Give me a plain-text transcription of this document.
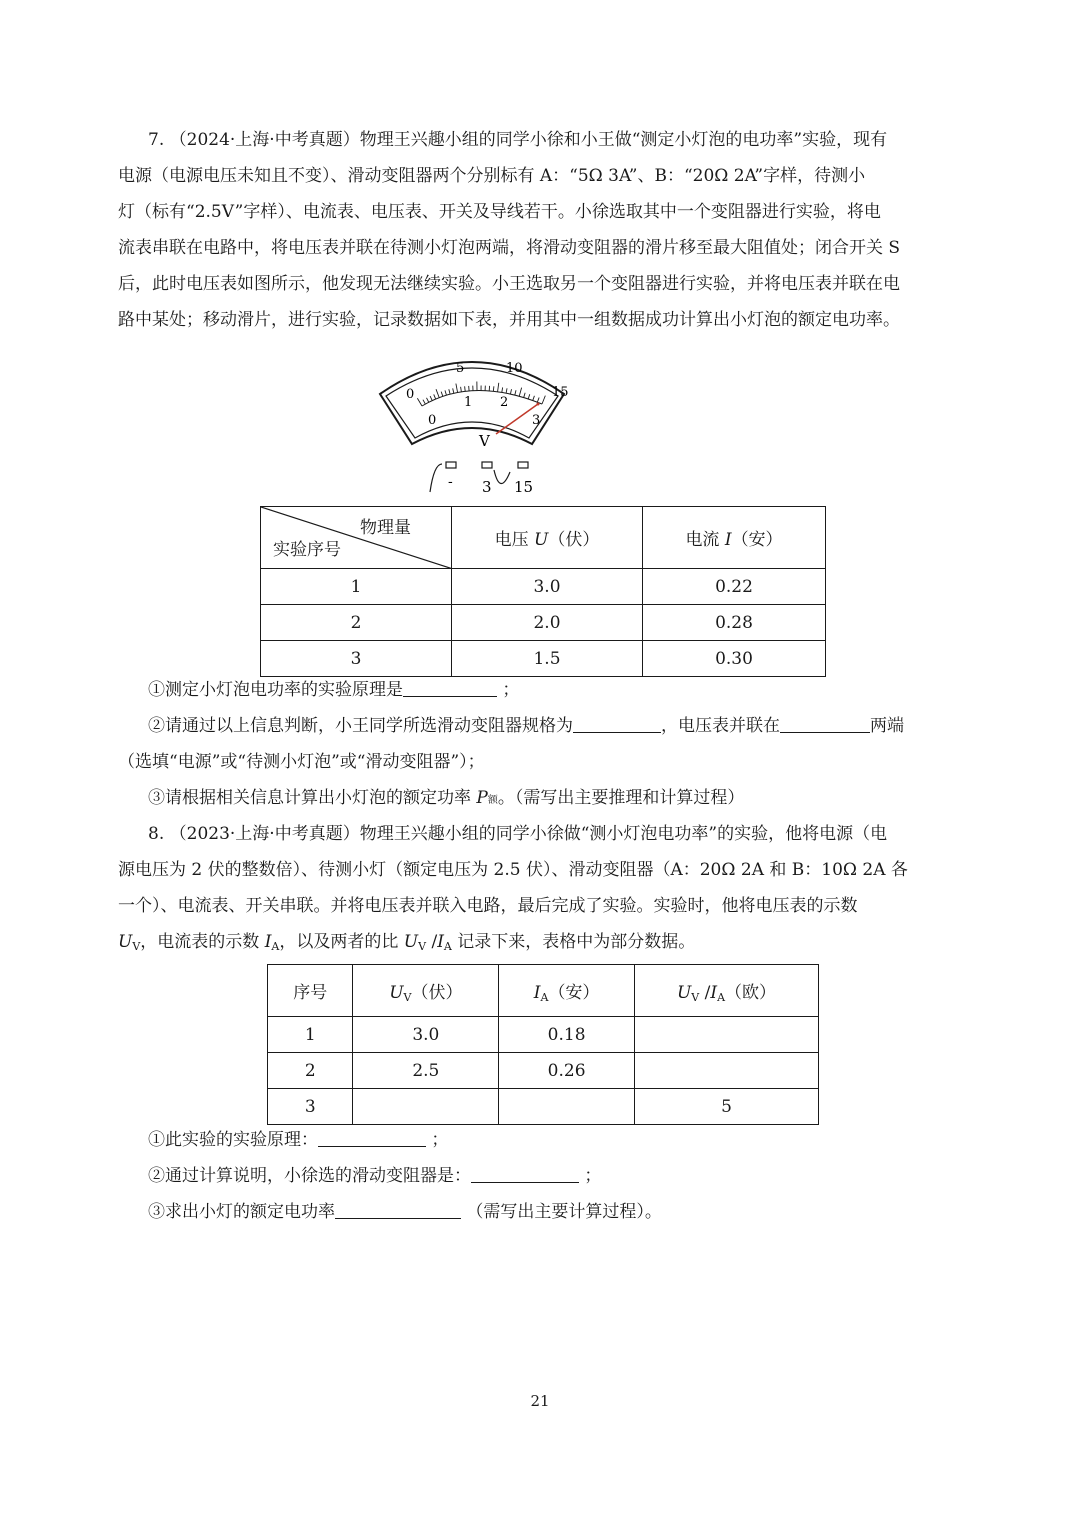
7. （2024·上海·中考真题）物理王兴趣小组的同学小徐和小王做“测定小灯泡的电功率”实验，现有
电源（电源电压未知且不变）、滑动变阻器两个分别标有 A：“5Ω 3A”、B：“20Ω 2A”字样，待测小
灯（标有“2.5V”字样）、电流表、电压表、开关及导线若干。小徐选取其中一个变阻器进行实验，将电
流表串联在电路中，将电压表并联在待测小灯泡两端，将滑动变阻器的滑片移至最大阻值处；闭合开关 S
后，此时电压表如图所示，他发现无法继续实验。小王选取另一个变阻器进行实验，并将电压表并联在电
路中某处；移动滑片，进行实验，记录数据如下表，并用其中一组数据成功计算出小灯泡的额定电功率。
0
5	10
15
0
1 2
3
V
- 3 15
物理量
实验序号	电压 U（伏）	电流 I（安）
1	3.0	0.22
2	2.0	0.28
3	1.5	0.30
①测定小灯泡电功率的实验原理是	；
②请通过以上信息判断，小王同学所选滑动变阻器规格为	，电压表并联在	两端
（选填“电源”或“待测小灯泡”或“滑动变阻器”）；
③请根据相关信息计算出小灯泡的额定功率 P额。（需写出主要推理和计算过程）
8. （2023·上海·中考真题）物理王兴趣小组的同学小徐做“测小灯泡电功率”的实验，他将电源（电
源电压为 2 伏的整数倍）、待测小灯（额定电压为 2.5 伏）、滑动变阻器（A：20Ω 2A 和 B：10Ω 2A 各
一个）、电流表、开关串联。并将电压表并联入电路，最后完成了实验。实验时，他将电压表的示数
$U_V$，电流表的示数 $I_A$，以及两者的比 $U_V$ $/I_A$ 记录下来，表格中为部分数据。
序号	$U_V$（伏）	$I_A$（安）	$U_V$ $/I_A$（欧）
1	3.0	0.18	
2	2.5	0.26	
3			5
①此实验的实验原理：	；
②通过计算说明，小徐选的滑动变阻器是：	；
③求出小灯的额定电功率	（需写出主要计算过程）。
21
